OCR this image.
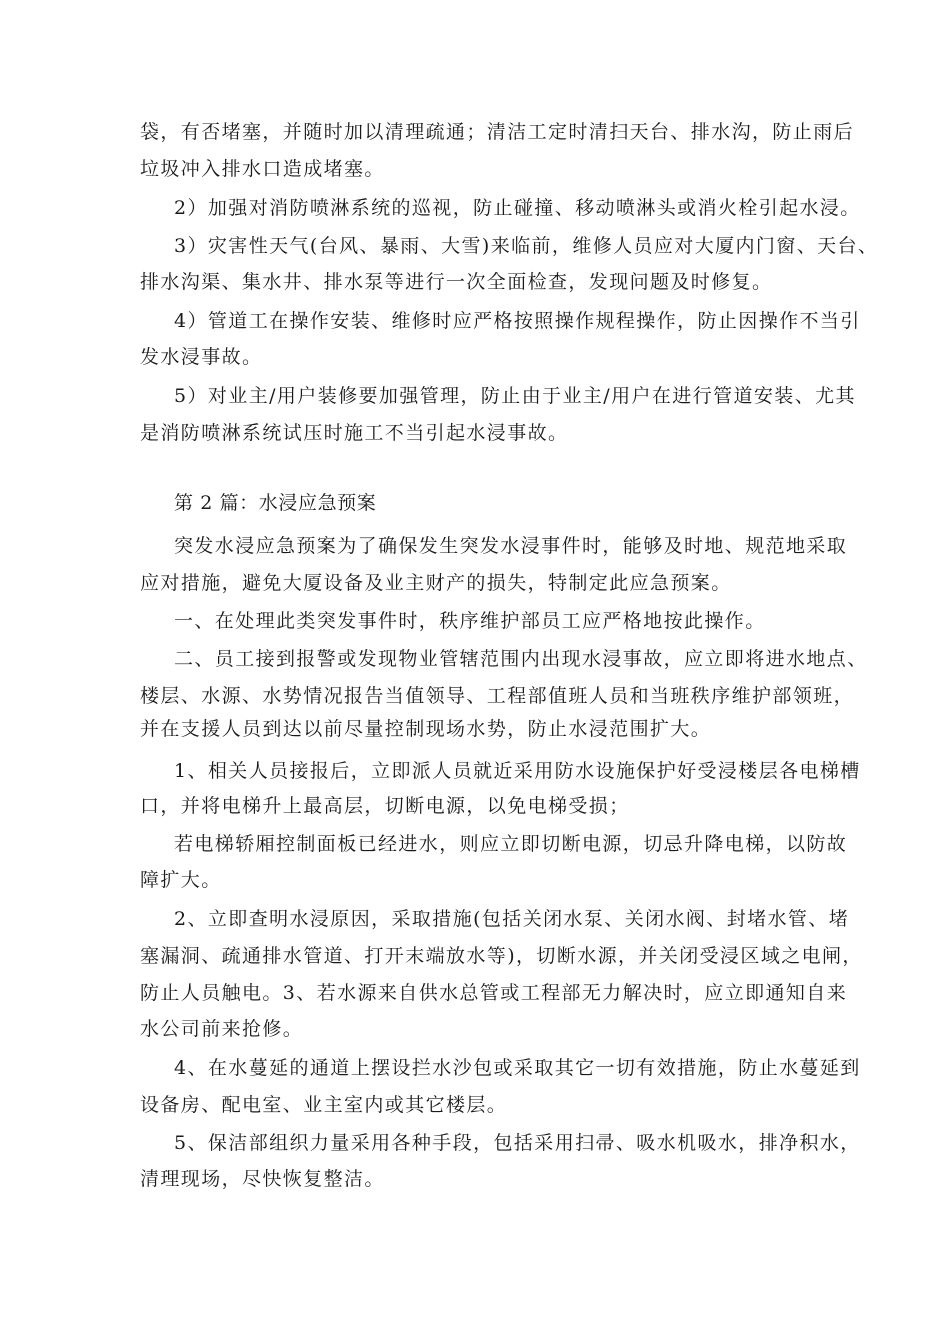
袋，有否堵塞，并随时加以清理疏通；清洁工定时清扫天台、排水沟，防止雨后
垃圾冲入排水口造成堵塞。
2）加强对消防喷淋系统的巡视，防止碰撞、移动喷淋头或消火栓引起水浸。
3）灾害性天气(台风、暴雨、大雪)来临前，维修人员应对大厦内门窗、天台、
排水沟渠、集水井、排水泵等进行一次全面检查，发现问题及时修复。
4）管道工在操作安装、维修时应严格按照操作规程操作，防止因操作不当引
发水浸事故。
5）对业主/用户装修要加强管理，防止由于业主/用户在进行管道安装、尤其
是消防喷淋系统试压时施工不当引起水浸事故。
第 2 篇：水浸应急预案
突发水浸应急预案为了确保发生突发水浸事件时，能够及时地、规范地采取
应对措施，避免大厦设备及业主财产的损失，特制定此应急预案。
一、在处理此类突发事件时，秩序维护部员工应严格地按此操作。
二、员工接到报警或发现物业管辖范围内出现水浸事故，应立即将进水地点、
楼层、水源、水势情况报告当值领导、工程部值班人员和当班秩序维护部领班，
并在支援人员到达以前尽量控制现场水势，防止水浸范围扩大。
1、相关人员接报后，立即派人员就近采用防水设施保护好受浸楼层各电梯槽
口，并将电梯升上最高层，切断电源，以免电梯受损；
若电梯轿厢控制面板已经进水，则应立即切断电源，切忌升降电梯，以防故
障扩大。
2、立即查明水浸原因，采取措施(包括关闭水泵、关闭水阀、封堵水管、堵
塞漏洞、疏通排水管道、打开末端放水等)，切断水源，并关闭受浸区域之电闸，
防止人员触电。3、若水源来自供水总管或工程部无力解决时，应立即通知自来
水公司前来抢修。
4、在水蔓延的通道上摆设拦水沙包或采取其它一切有效措施，防止水蔓延到
设备房、配电室、业主室内或其它楼层。
5、保洁部组织力量采用各种手段，包括采用扫帚、吸水机吸水，排净积水，
清理现场，尽快恢复整洁。
